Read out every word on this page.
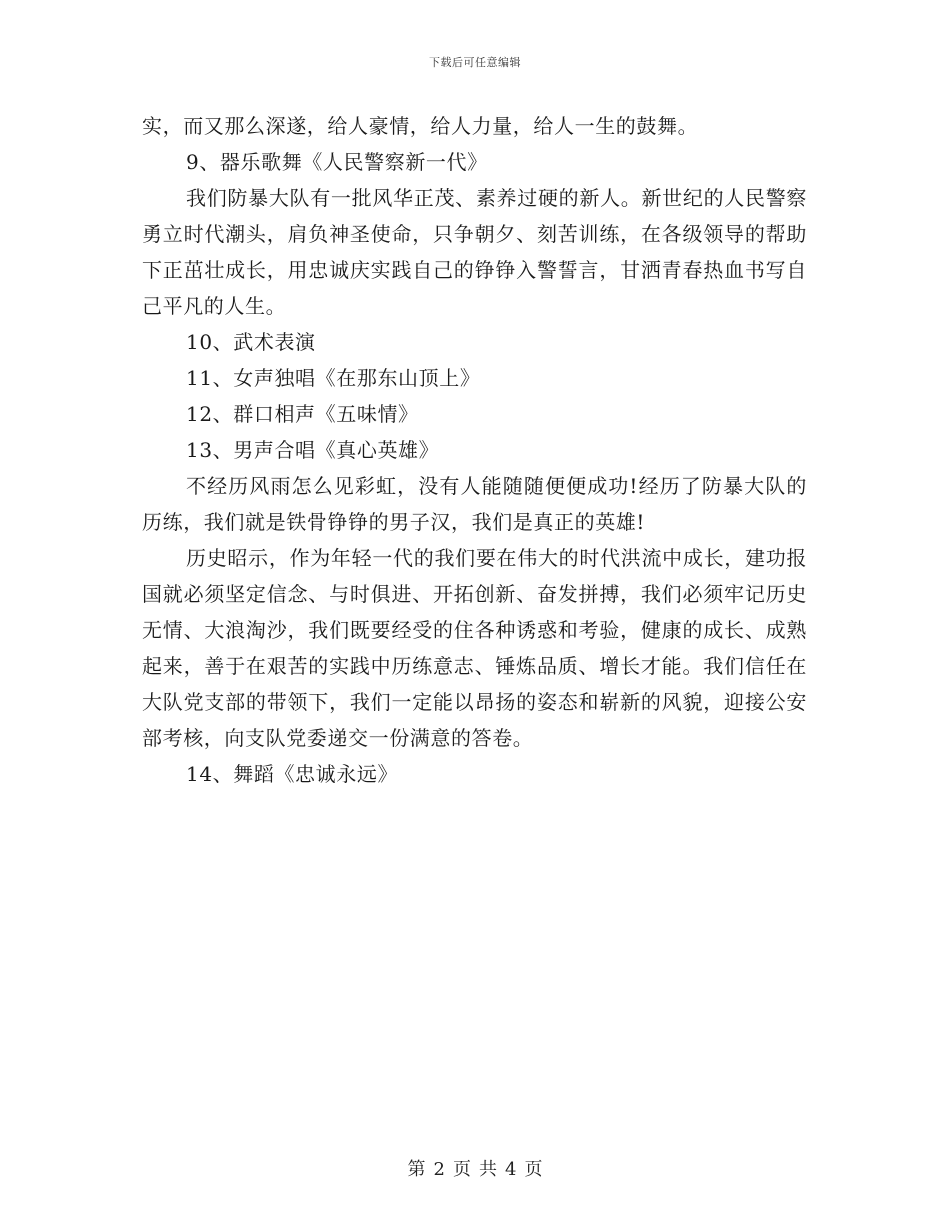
下载后可任意编辑

实，而又那么深遂，给人豪情，给人力量，给人一生的鼓舞。

9、器乐歌舞《人民警察新一代》

我们防暴大队有一批风华正茂、素养过硬的新人。新世纪的人民警察勇立时代潮头，肩负神圣使命，只争朝夕、刻苦训练，在各级领导的帮助下正茁壮成长，用忠诚庆实践自己的铮铮入警誓言，甘洒青春热血书写自己平凡的人生。

10、武术表演

11、女声独唱《在那东山顶上》

12、群口相声《五味情》

13、男声合唱《真心英雄》

不经历风雨怎么见彩虹，没有人能随随便便成功!经历了防暴大队的历练，我们就是铁骨铮铮的男子汉，我们是真正的英雄!

历史昭示，作为年轻一代的我们要在伟大的时代洪流中成长，建功报国就必须坚定信念、与时俱进、开拓创新、奋发拼搏，我们必须牢记历史无情、大浪淘沙，我们既要经受的住各种诱惑和考验，健康的成长、成熟起来，善于在艰苦的实践中历练意志、锤炼品质、增长才能。我们信任在大队党支部的带领下，我们一定能以昂扬的姿态和崭新的风貌，迎接公安部考核，向支队党委递交一份满意的答卷。

14、舞蹈《忠诚永远》

第 2 页 共 4 页
